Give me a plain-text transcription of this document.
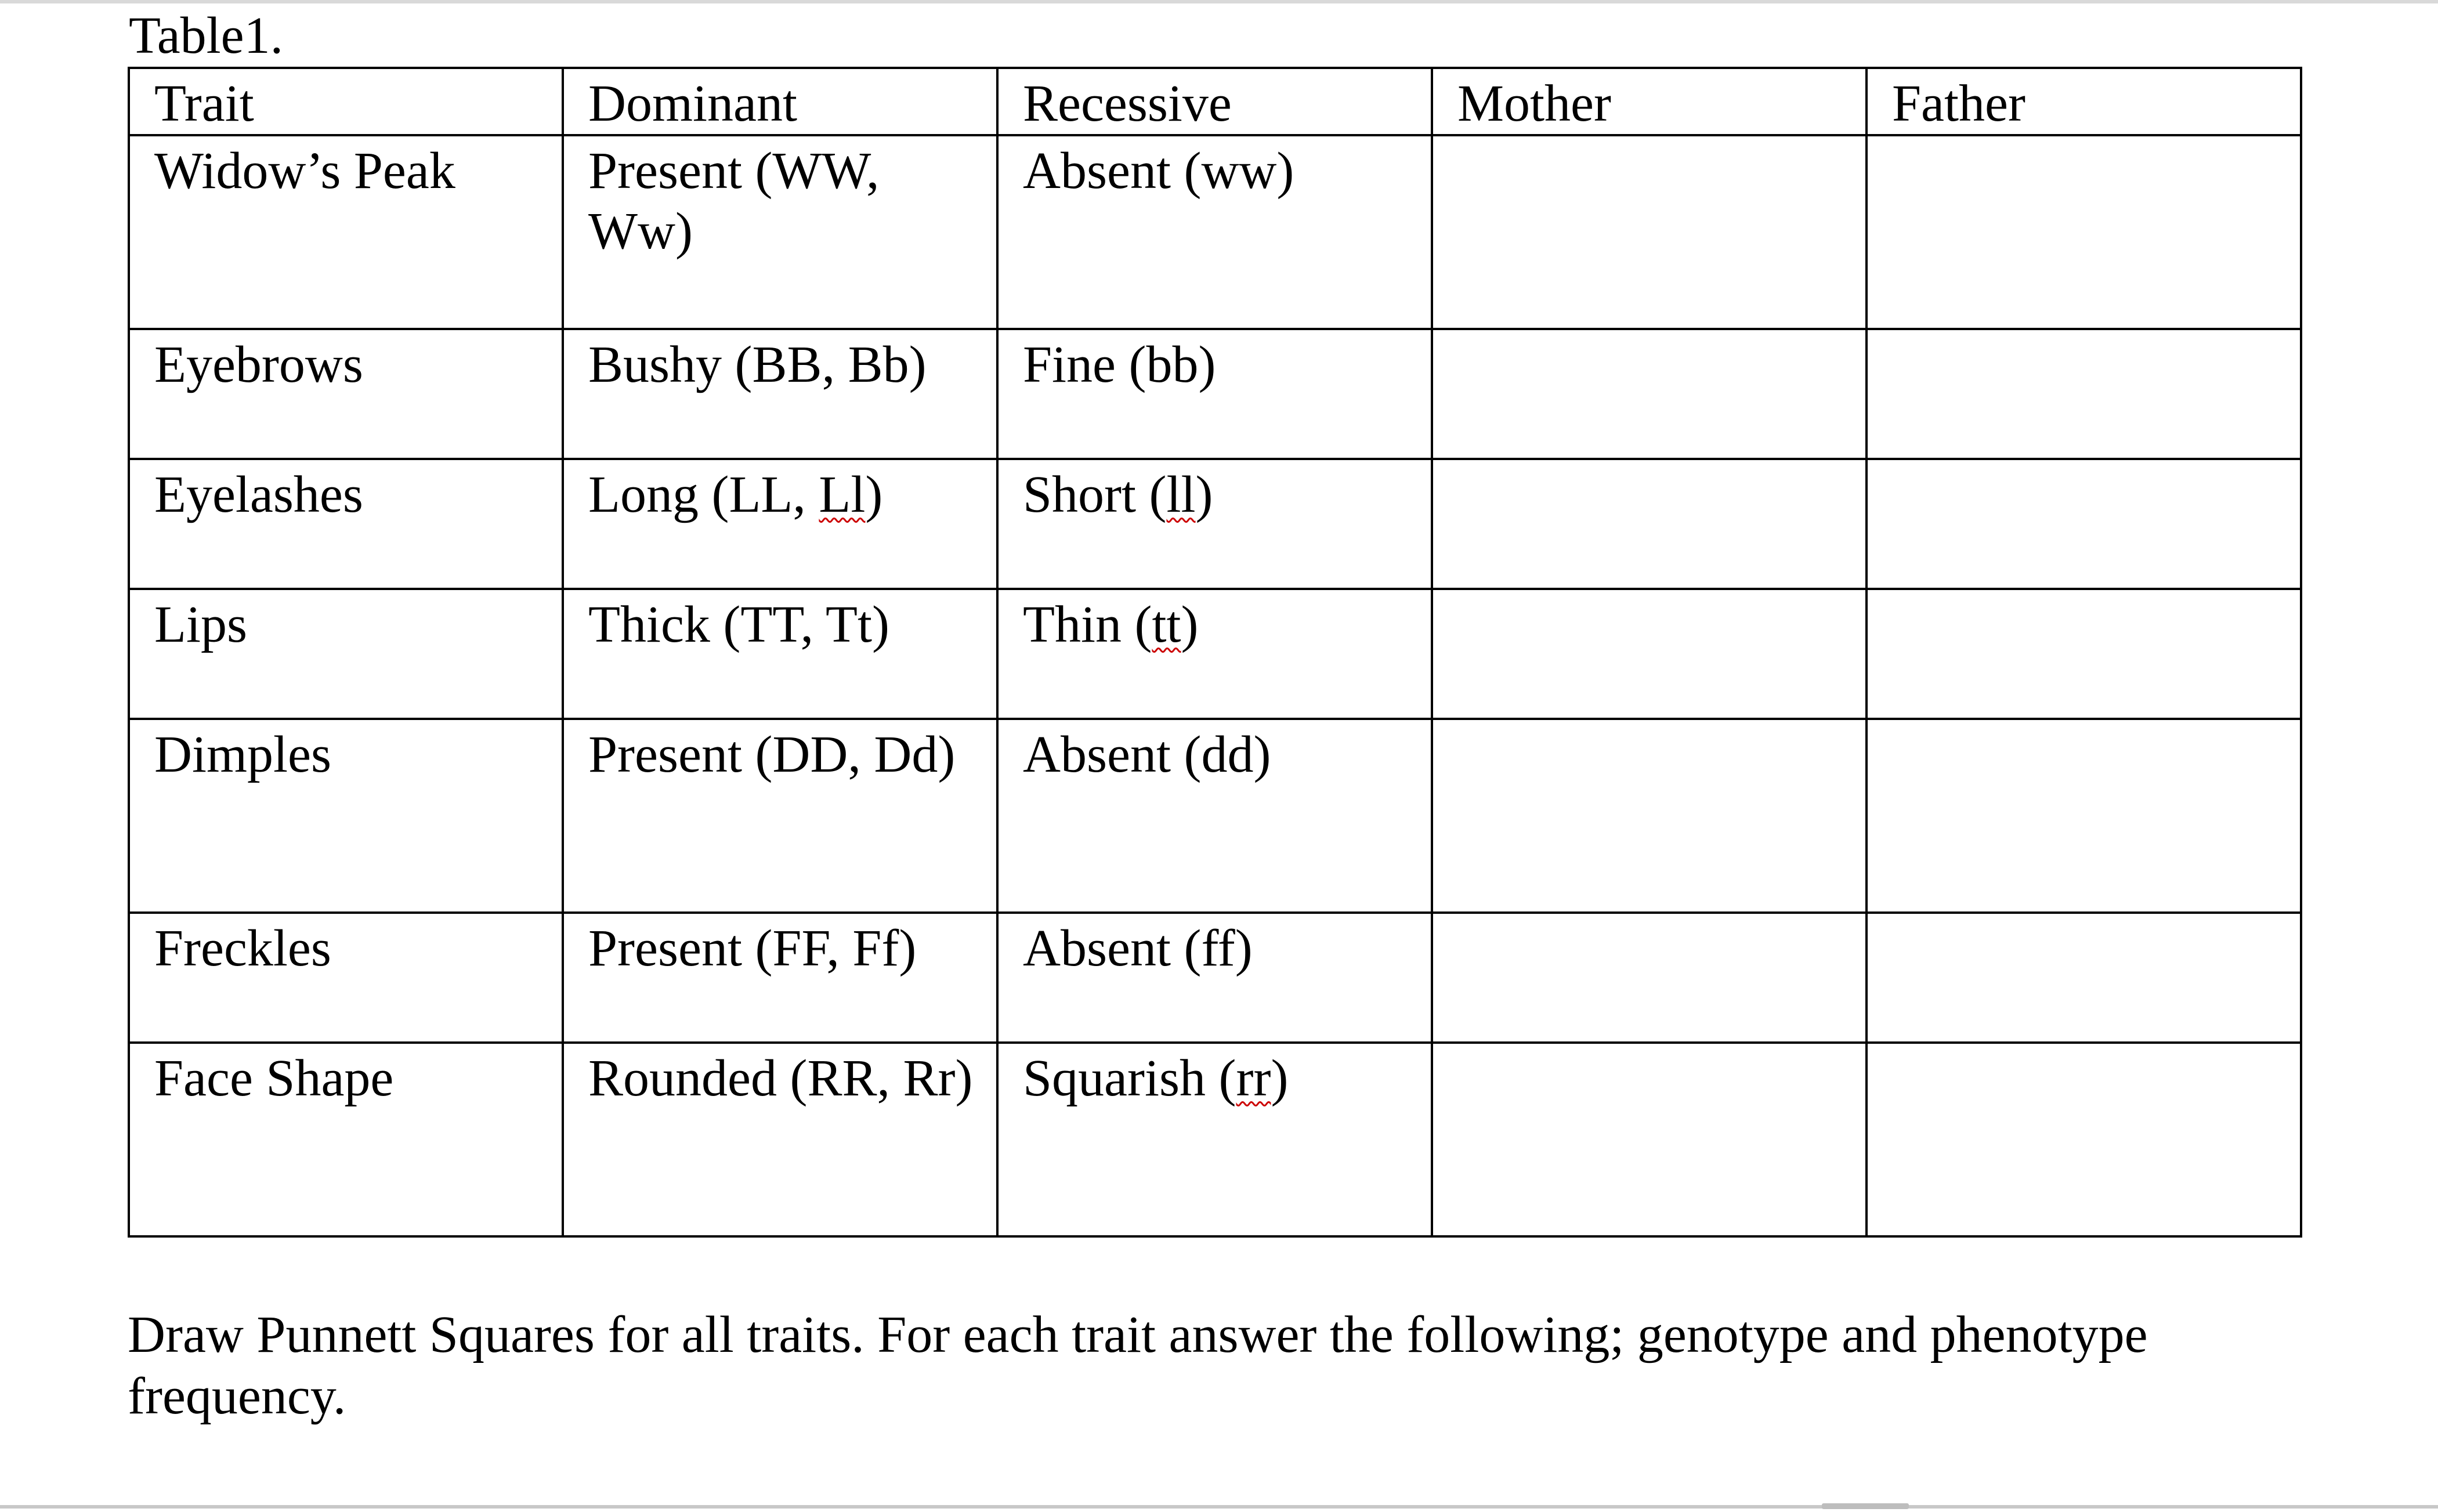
Table1.
Trait	Dominant	Recessive	Mother	Father
Widow’s Peak	Present (WW, Ww)	Absent (ww)		
Eyebrows	Bushy (BB, Bb)	Fine (bb)		
Eyelashes	Long (LL, Ll)	Short (ll)		
Lips	Thick (TT, Tt)	Thin (tt)		
Dimples	Present (DD, Dd)	Absent (dd)		
Freckles	Present (FF, Ff)	Absent (ff)		
Face Shape	Rounded (RR, Rr)	Squarish (rr)		
Draw Punnett Squares for all traits. For each trait answer the following; genotype and phenotype frequency.
